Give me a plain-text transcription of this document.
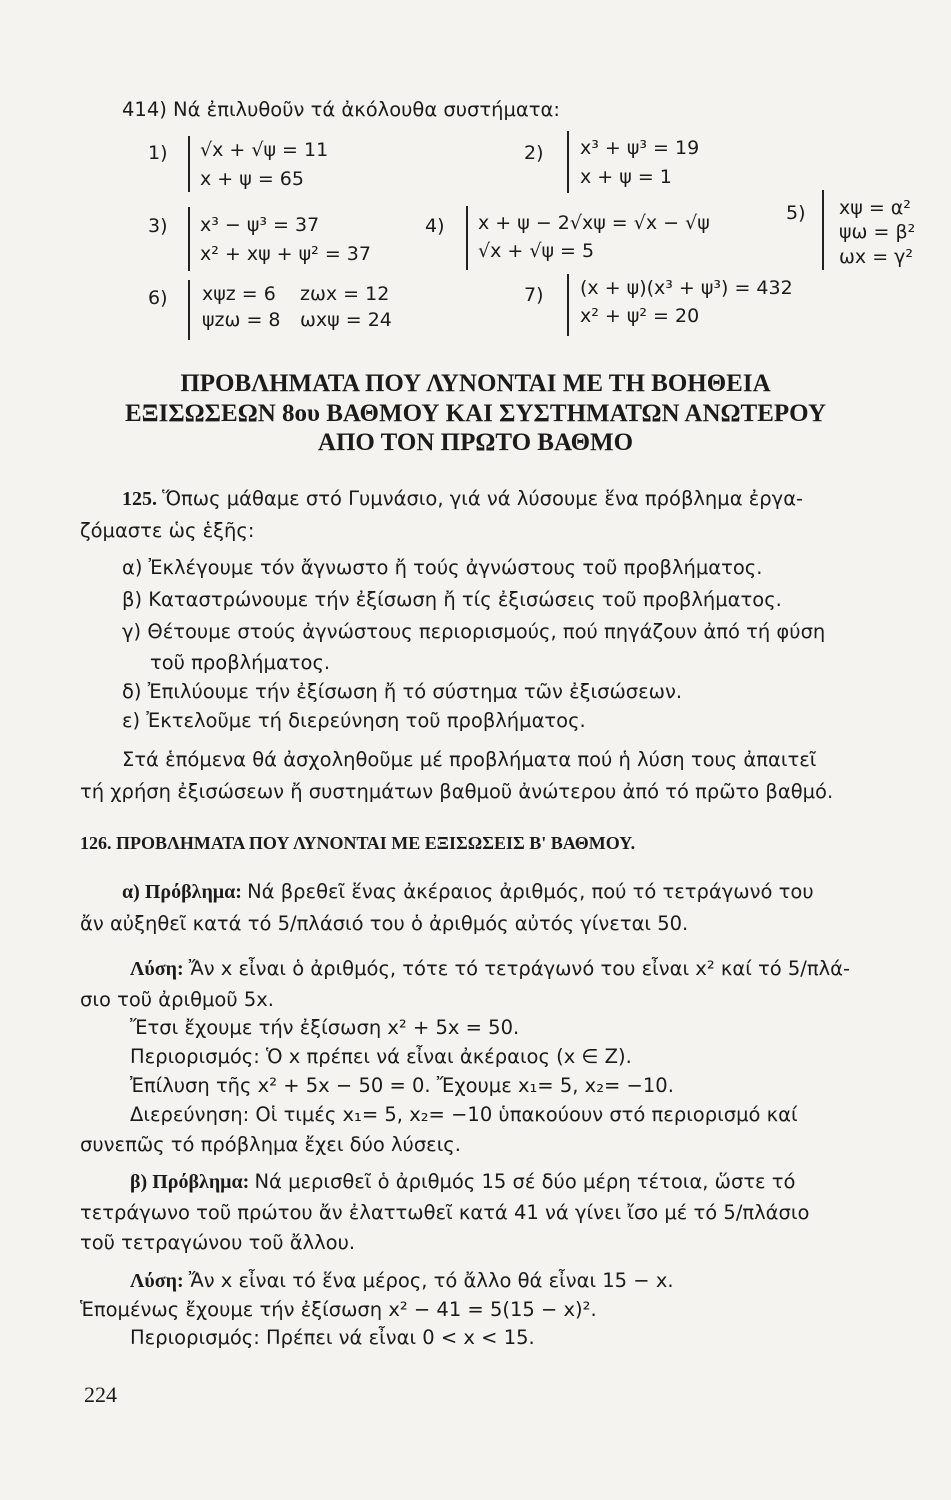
414) Νά ἐπιλυθοῦν τά ἀκόλουθα συστήματα:
1) √x + √ψ = 11
x + ψ = 65
2) x³ + ψ³ = 19
x + ψ = 1
3) x³ − ψ³ = 37
x² + xψ + ψ² = 37
4) x + ψ − 2√xψ = √x − √ψ
√x + √ψ = 5
5) xψ = α²
ψω = β²
ωx = γ²
6) xψz = 6
ψzω = 8
zωx = 12
ωxψ = 24
7) (x + ψ)(x³ + ψ³) = 432
x² + ψ² = 20
ΠΡΟΒΛΗΜΑΤΑ ΠΟΥ ΛΥΝΟΝΤΑΙ ΜΕ ΤΗ ΒΟΗΘΕΙΑ
ΕΞΙΣΩΣΕΩΝ 8ου ΒΑΘΜΟΥ ΚΑΙ ΣΥΣΤΗΜΑΤΩΝ ΑΝΩΤΕΡΟΥ
ΑΠΟ ΤΟΝ ΠΡΩΤΟ ΒΑΘΜΟ
125. Ὅπως μάθαμε στό Γυμνάσιο, γιά νά λύσουμε ἕνα πρόβλημα ἐργα-
ζόμαστε ὡς ἑξῆς:
α) Ἐκλέγουμε τόν ἄγνωστο ἤ τούς ἀγνώστους τοῦ προβλήματος.
β) Καταστρώνουμε τήν ἐξίσωση ἤ τίς ἐξισώσεις τοῦ προβλήματος.
γ) Θέτουμε στούς ἀγνώστους περιορισμούς, πού πηγάζουν ἀπό τή φύση
τοῦ προβλήματος.
δ) Ἐπιλύουμε τήν ἐξίσωση ἤ τό σύστημα τῶν ἐξισώσεων.
ε) Ἐκτελοῦμε τή διερεύνηση τοῦ προβλήματος.
Στά ἑπόμενα θά ἀσχοληθοῦμε μέ προβλήματα πού ἡ λύση τους ἀπαιτεῖ
τή χρήση ἐξισώσεων ἤ συστημάτων βαθμοῦ ἀνώτερου ἀπό τό πρῶτο βαθμό.
126. ΠΡΟΒΛΗΜΑΤΑ ΠΟΥ ΛΥΝΟΝΤΑΙ ΜΕ ΕΞΙΣΩΣΕΙΣ Β' ΒΑΘΜΟΥ.
α) Πρόβλημα: Νά βρεθεῖ ἕνας ἀκέραιος ἀριθμός, πού τό τετράγωνό του
ἄν αὐξηθεῖ κατά τό 5/πλάσιό του ὁ ἀριθμός αὐτός γίνεται 50.
Λύση: Ἄν x εἶναι ὁ ἀριθμός, τότε τό τετράγωνό του εἶναι x² καί τό 5/πλά-
σιο τοῦ ἀριθμοῦ 5x.
Ἔτσι ἔχουμε τήν ἐξίσωση x² + 5x = 50.
Περιορισμός: Ὁ x πρέπει νά εἶναι ἀκέραιος (x ∈ Z).
Ἐπίλυση τῆς x² + 5x − 50 = 0. Ἔχουμε x₁= 5, x₂= −10.
Διερεύνηση: Οἱ τιμές x₁= 5, x₂= −10 ὑπακούουν στό περιορισμό καί
συνεπῶς τό πρόβλημα ἔχει δύο λύσεις.
β) Πρόβλημα: Νά μερισθεῖ ὁ ἀριθμός 15 σέ δύο μέρη τέτοια, ὥστε τό
τετράγωνο τοῦ πρώτου ἄν ἐλαττωθεῖ κατά 41 νά γίνει ἴσο μέ τό 5/πλάσιο
τοῦ τετραγώνου τοῦ ἄλλου.
Λύση: Ἄν x εἶναι τό ἕνα μέρος, τό ἄλλο θά εἶναι 15 − x.
Ἑπομένως ἔχουμε τήν ἐξίσωση x² − 41 = 5(15 − x)².
Περιορισμός: Πρέπει νά εἶναι 0 < x < 15.
224
